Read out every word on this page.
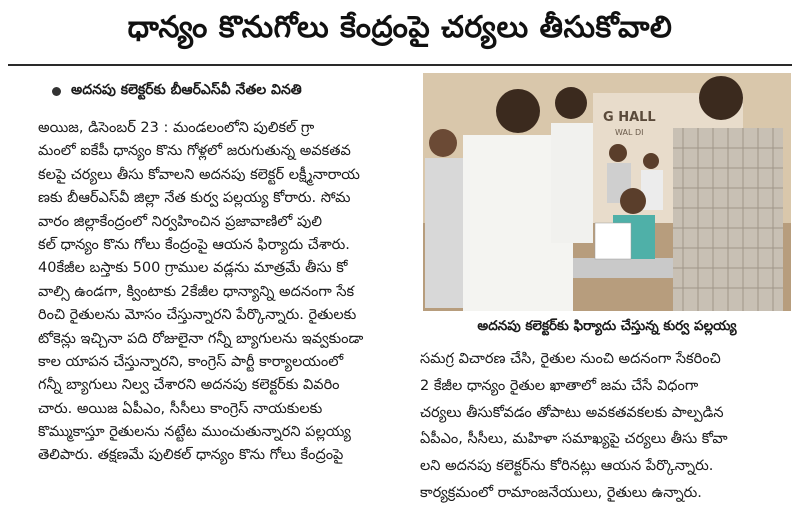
ధాన్యం కొనుగోలు కేంద్రంపై చర్యలు తీసుకోవాలి
అదనపు కలెక్టర్‌కు బీఆర్‌ఎస్‌వీ నేతల వినతి
అయిజ, డిసెంబర్ 23 : మండలంలోని పులికల్ గ్రా
మంలో ఐకేపీ ధాన్యం కొను గోళ్లలో జరుగుతున్న అవకతవ
కలపై చర్యలు తీసు కోవాలని అదనపు కలెక్టర్ లక్ష్మీనారాయ
ణకు బీఆర్‌ఎస్‌వీ జిల్లా నేత కుర్వ పల్లయ్య కోరారు. సోమ
వారం జిల్లాకేంద్రంలో నిర్వహించిన ప్రజావాణిలో పులి
కల్ ధాన్యం కొను గోలు కేంద్రంపై ఆయన ఫిర్యాదు చేశారు.
40కేజీల బస్తాకు 500 గ్రాముల వడ్లను మాత్రమే తీసు కో
వాల్సి ఉండగా, క్వింటాకు 2కేజీల ధాన్యాన్ని అదనంగా సేక
రించి రైతులను మోసం చేస్తున్నారని పేర్కొన్నారు. రైతులకు
టోకెన్లు ఇచ్చినా పది రోజులైనా గన్నీ బ్యాగులను ఇవ్వకుండా
కాల యాపన చేస్తున్నారని, కాంగ్రెస్ పార్టీ కార్యాలయంలో
గన్నీ బ్యాగులు నిల్వ చేశారని అదనపు కలెక్టర్‌కు వివరిం
చారు. అయిజ ఏపీఎం, సీసీలు కాంగ్రెస్ నాయకులకు
కొమ్ముకాస్తూ రైతులను నట్టేట ముంచుతున్నారని పల్లయ్య
తెలిపారు. తక్షణమే పులికల్ ధాన్యం కొను గోలు కేంద్రంపై
G HALL
WAL DI
అదనపు కలెక్టర్‌కు ఫిర్యాదు చేస్తున్న కుర్వ పల్లయ్య
సమగ్ర విచారణ చేసి, రైతుల నుంచి అదనంగా సేకరించి
2 కేజీల ధాన్యం రైతుల ఖాతాలో జమ చేసే విధంగా
చర్యలు తీసుకోవడం తోపాటు అవకతవకలకు పాల్పడిన
ఏపీఎం, సీసీలు, మహిళా సమాఖ్యపై చర్యలు తీసు కోవా
లని అదనపు కలెక్టర్‌ను కోరినట్లు ఆయన పేర్కొన్నారు.
కార్యక్రమంలో రామాంజనేయులు, రైతులు ఉన్నారు.
